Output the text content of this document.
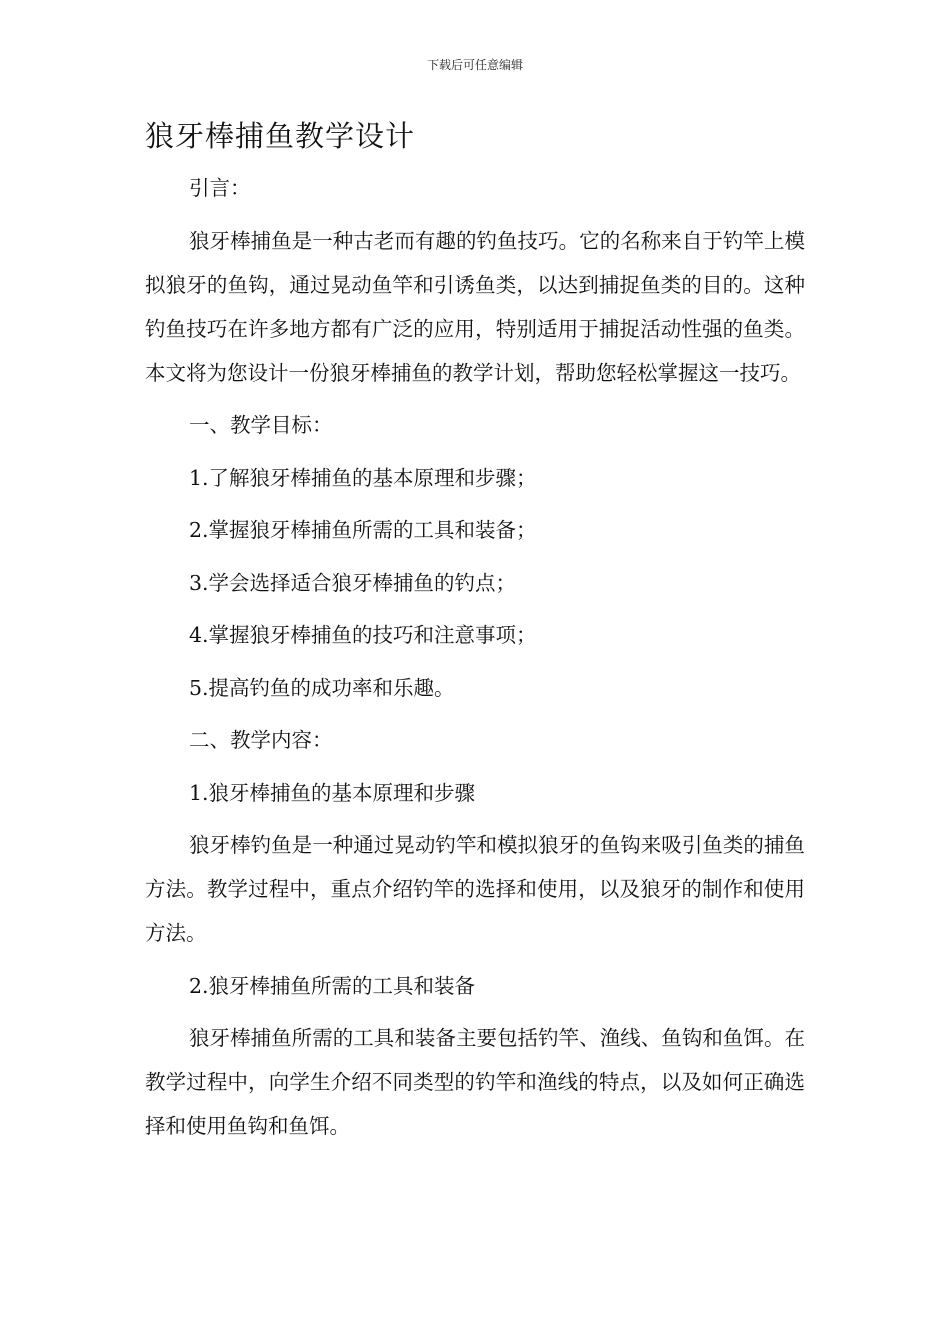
下载后可任意编辑
狼牙棒捕鱼教学设计

引言：

狼牙棒捕鱼是一种古老而有趣的钓鱼技巧。它的名称来自于钓竿上模拟狼牙的鱼钩，通过晃动鱼竿和引诱鱼类，以达到捕捉鱼类的目的。这种钓鱼技巧在许多地方都有广泛的应用，特别适用于捕捉活动性强的鱼类。本文将为您设计一份狼牙棒捕鱼的教学计划，帮助您轻松掌握这一技巧。

一、教学目标：

1.了解狼牙棒捕鱼的基本原理和步骤；

2.掌握狼牙棒捕鱼所需的工具和装备；

3.学会选择适合狼牙棒捕鱼的钓点；

4.掌握狼牙棒捕鱼的技巧和注意事项；

5.提高钓鱼的成功率和乐趣。

二、教学内容：

1.狼牙棒捕鱼的基本原理和步骤

狼牙棒钓鱼是一种通过晃动钓竿和模拟狼牙的鱼钩来吸引鱼类的捕鱼方法。教学过程中，重点介绍钓竿的选择和使用，以及狼牙的制作和使用方法。

2.狼牙棒捕鱼所需的工具和装备

狼牙棒捕鱼所需的工具和装备主要包括钓竿、渔线、鱼钩和鱼饵。在教学过程中，向学生介绍不同类型的钓竿和渔线的特点，以及如何正确选择和使用鱼钩和鱼饵。
